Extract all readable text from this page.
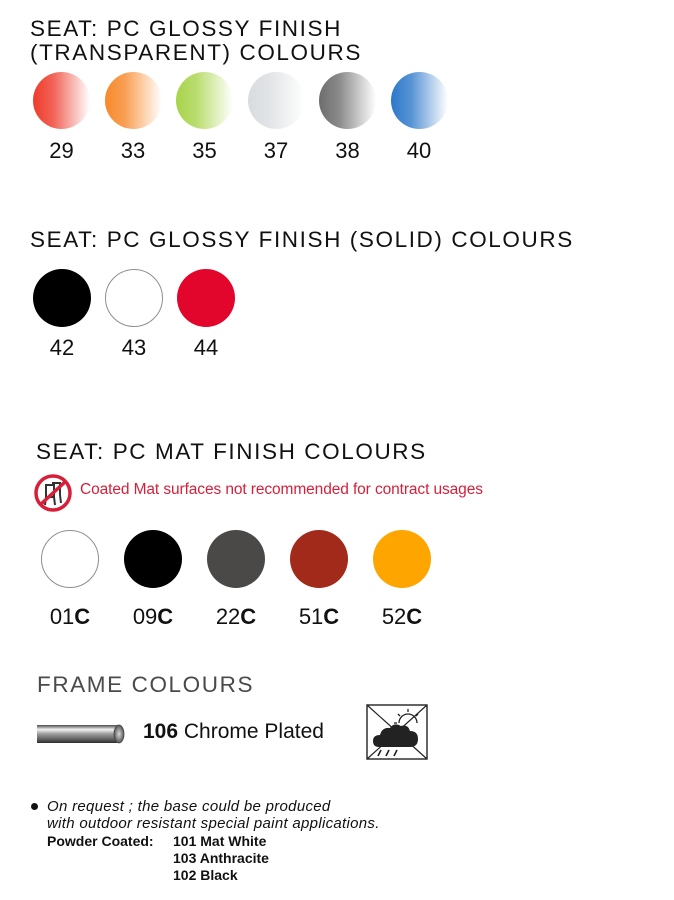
SEAT: PC GLOSSY FINISH
(TRANSPARENT) COLOURS
29	33	35	37	38	40
SEAT: PC GLOSSY FINISH (SOLID) COLOURS
42	43	44
SEAT: PC MAT FINISH COLOURS
Coated Mat surfaces not recommended for contract usages
01C	09C	22C	51C	52C
FRAME COLOURS
106 Chrome Plated
On request ; the base could be produced
with outdoor resistant special paint applications.
Powder Coated: 101 Mat White
103 Anthracite
102 Black
